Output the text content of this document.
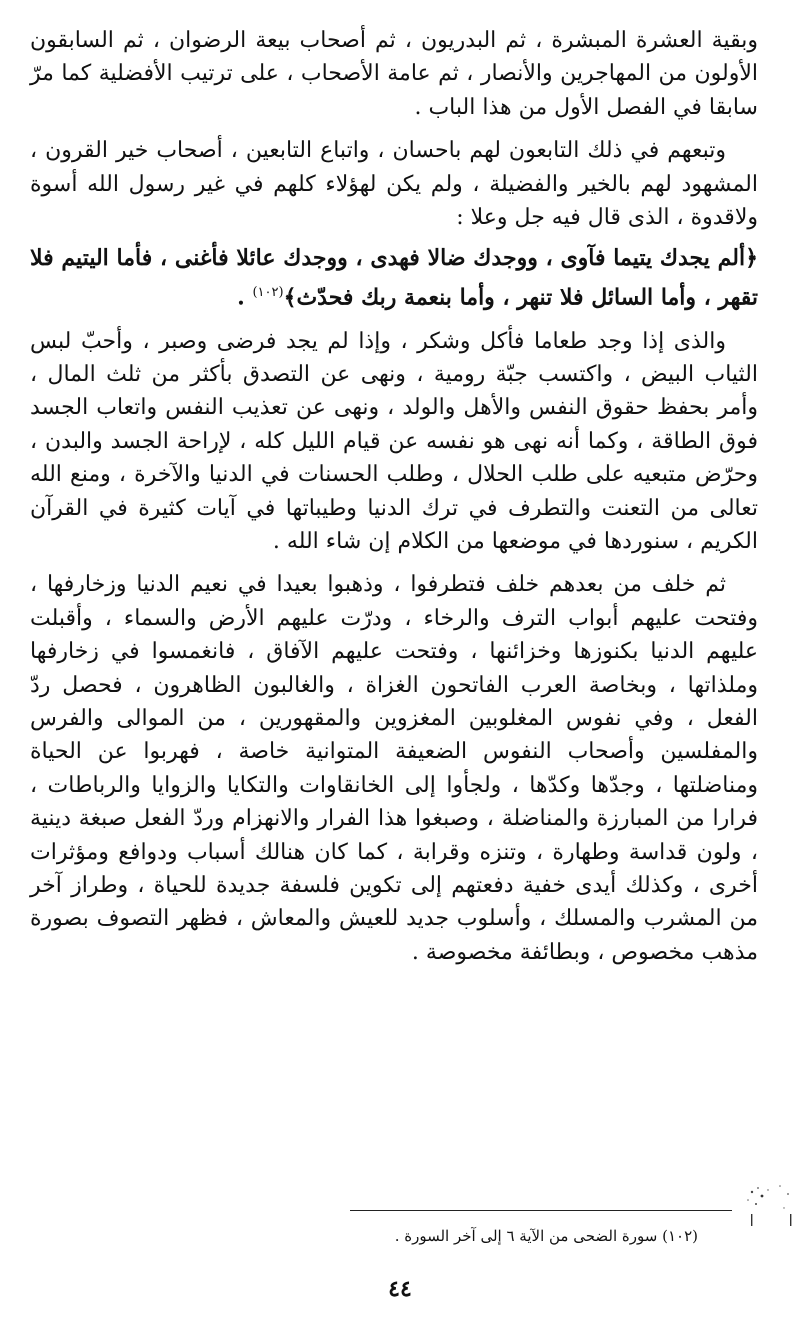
وبقية العشرة المبشرة ، ثم البدريون ، ثم أصحاب بيعة الرضوان ، ثم السابقون الأولون من المهاجرين والأنصار ، ثم عامة الأصحاب ، على ترتيب الأفضلية كما مرّ سابقا في الفصل الأول من هذا الباب .

وتبعهم في ذلك التابعون لهم باحسان ، واتباع التابعين ، أصحاب خير القرون ، المشهود لهم بالخير والفضيلة ، ولم يكن لهؤلاء كلهم في غير رسول الله أسوة ولاقدوة ، الذى قال فيه جل وعلا :

﴿ألم يجدك يتيما فآوى ، ووجدك ضالا فهدى ، ووجدك عائلا فأغنى ، فأما اليتيم فلا تقهر ، وأما السائل فلا تنهر ، وأما بنعمة ربك فحدّث﴾$^{(١٠٢)}$ .

والذى إذا وجد طعاما فأكل وشكر ، وإذا لم يجد فرضى وصبر ، وأحبّ لبس الثياب البيض ، واكتسب جبّة رومية ، ونهى عن التصدق بأكثر من ثلث المال ، وأمر بحفظ حقوق النفس والأهل والولد ، ونهى عن تعذيب النفس واتعاب الجسد فوق الطاقة ، وكما أنه نهى هو نفسه عن قيام الليل كله ، لإراحة الجسد والبدن ، وحرّض متبعيه على طلب الحلال ، وطلب الحسنات في الدنيا والآخرة ، ومنع الله تعالى من التعنت والتطرف في ترك الدنيا وطيباتها في آيات كثيرة في القرآن الكريم ، سنوردها في موضعها من الكلام إن شاء الله .

ثم خلف من بعدهم خلف فتطرفوا ، وذهبوا بعيدا في نعيم الدنيا وزخارفها ، وفتحت عليهم أبواب الترف والرخاء ، ودرّت عليهم الأرض والسماء ، وأقبلت عليهم الدنيا بكنوزها وخزائنها ، وفتحت عليهم الآفاق ، فانغمسوا في زخارفها وملذاتها ، وبخاصة العرب الفاتحون الغزاة ، والغالبون الظاهرون ، فحصل ردّ الفعل ، وفي نفوس المغلوبين المغزوين والمقهورين ، من الموالى والفرس والمفلسين وأصحاب النفوس الضعيفة المتوانية خاصة ، فهربوا عن الحياة ومناضلتها ، وجدّها وكدّها ، ولجأوا إلى الخانقاوات والتكايا والزوايا والرباطات ، فرارا من المبارزة والمناضلة ، وصبغوا هذا الفرار والانهزام وردّ الفعل صبغة دينية ، ولون قداسة وطهارة ، وتنزه وقرابة ، كما كان هنالك أسباب ودوافع ومؤثرات أخرى ، وكذلك أيدى خفية دفعتهم إلى تكوين فلسفة جديدة للحياة ، وطراز آخر من المشرب والمسلك ، وأسلوب جديد للعيش والمعاش ، فظهر التصوف بصورة مذهب مخصوص ، وبطائفة مخصوصة .

(١٠٢) سورة الضحى من الآية ٦ إلى آخر السورة .
٤٤
